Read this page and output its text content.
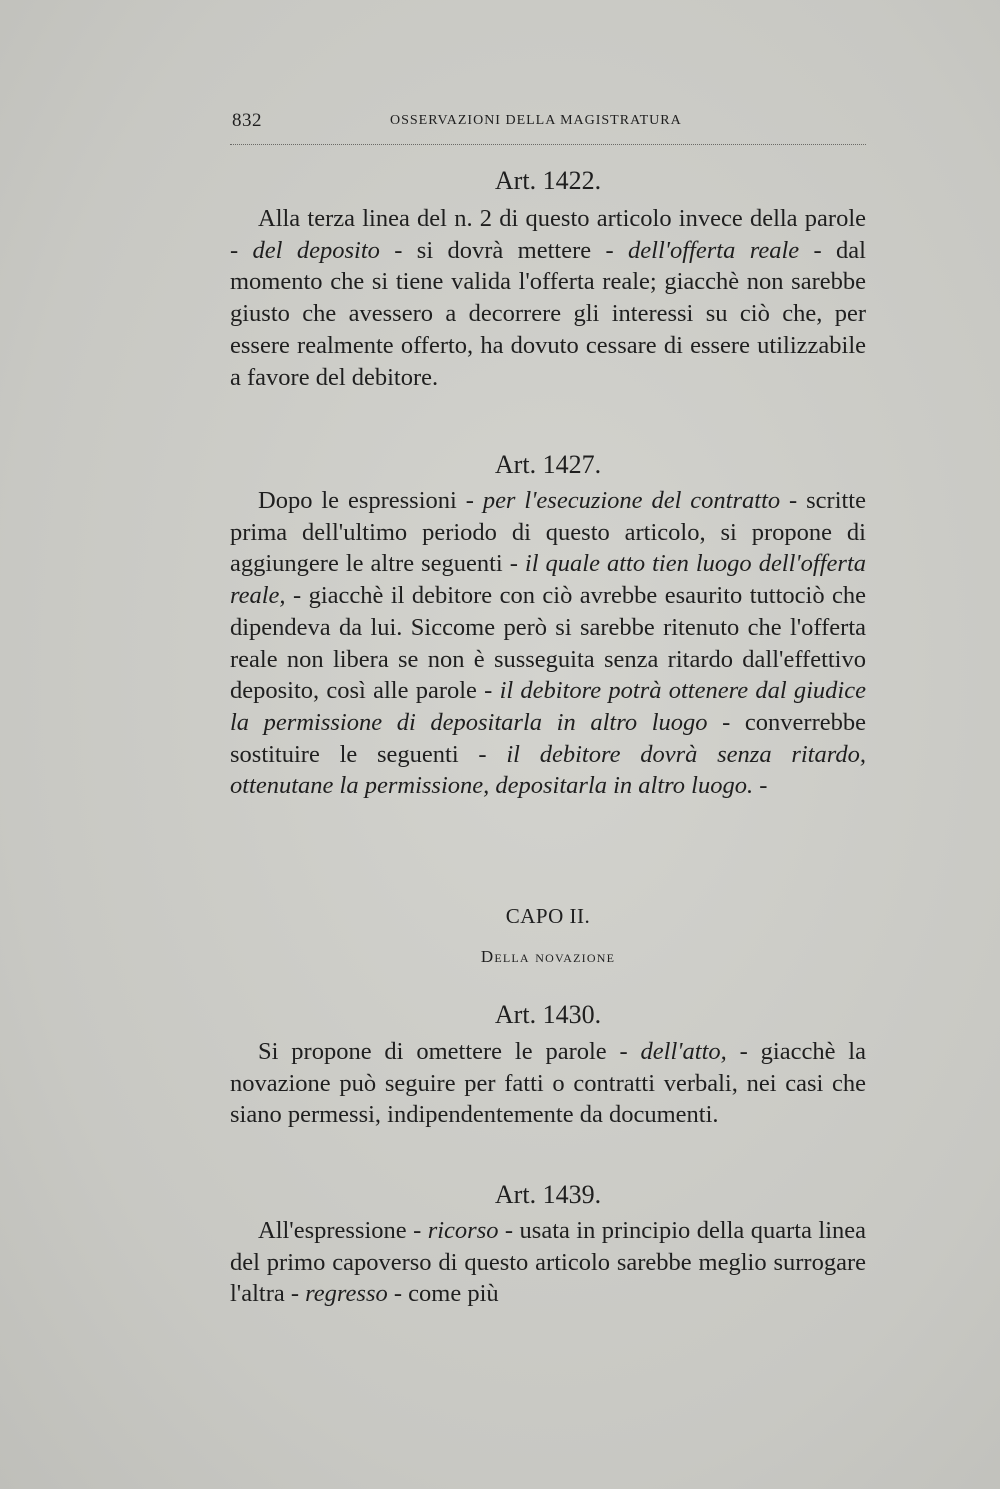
832	OSSERVAZIONI DELLA MAGISTRATURA
Art. 1422.

Alla terza linea del n. 2 di questo articolo invece della parole - del deposito - si dovrà mettere - dell'offerta reale - dal momento che si tiene valida l'offerta reale; giacchè non sarebbe giusto che avessero a decorrere gli interessi su ciò che, per essere realmente offerto, ha dovuto cessare di essere utilizzabile a favore del debitore.

Art. 1427.

Dopo le espressioni - per l'esecuzione del contratto - scritte prima dell'ultimo periodo di questo articolo, si propone di aggiungere le altre seguenti - il quale atto tien luogo dell'offerta reale, - giacchè il debitore con ciò avrebbe esaurito tuttociò che dipendeva da lui. Siccome però si sarebbe ritenuto che l'offerta reale non libera se non è susseguita senza ritardo dall'effettivo deposito, così alle parole - il debitore potrà ottenere dal giudice la permissione di depositarla in altro luogo - converrebbe sostituire le seguenti - il debitore dovrà senza ritardo, ottenutane la permissione, depositarla in altro luogo. -

CAPO II.
Della novazione
Art. 1430.

Si propone di omettere le parole - dell'atto, - giacchè la novazione può seguire per fatti o contratti verbali, nei casi che siano permessi, indipendentemente da documenti.

Art. 1439.

All'espressione - ricorso - usata in principio della quarta linea del primo capoverso di questo articolo sarebbe meglio surrogare l'altra - regresso - come più
